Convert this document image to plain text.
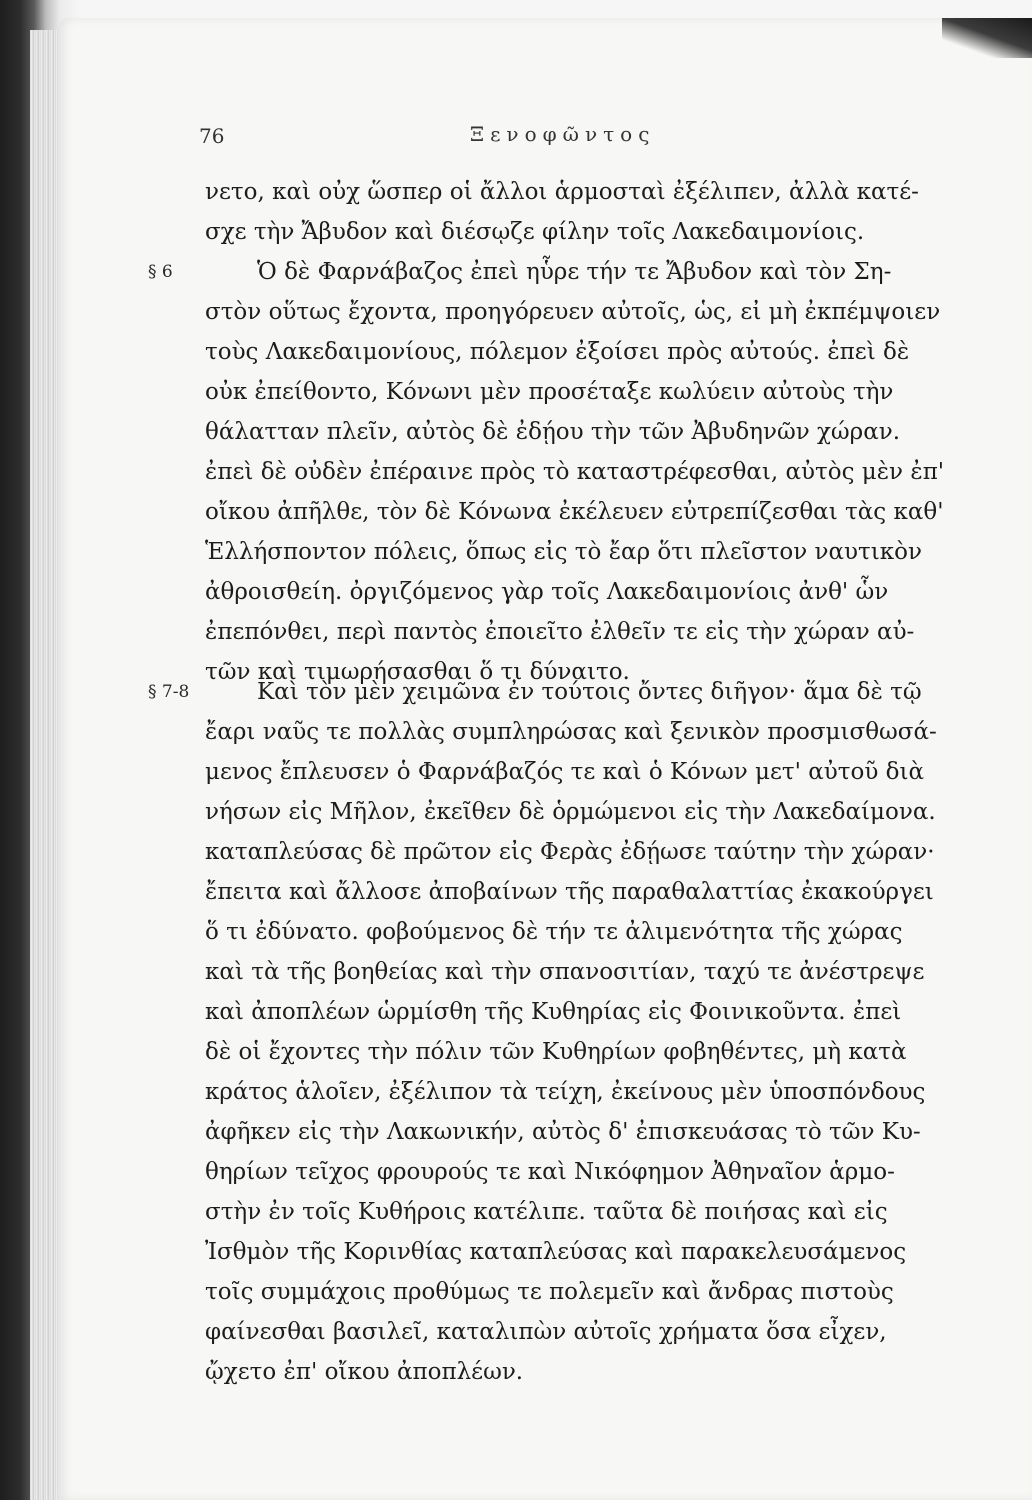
76	Ξενοφῶντος
§ 6
§ 7-8
νετο, καὶ οὐχ ὥσπερ οἱ ἄλλοι ἁρμοσταὶ ἐξέλιπεν, ἀλλὰ κατέ-
σχε τὴν Ἄβυδον καὶ διέσῳζε φίλην τοῖς Λακεδαιμονίοις.
Ὁ δὲ Φαρνάβαζος ἐπεὶ ηὗρε τήν τε Ἄβυδον καὶ τὸν Ση-
στὸν οὕτως ἔχοντα, προηγόρευεν αὐτοῖς, ὡς, εἰ μὴ ἐκπέμψοιεν
τοὺς Λακεδαιμονίους, πόλεμον ἐξοίσει πρὸς αὐτούς. ἐπεὶ δὲ
οὐκ ἐπείθοντο, Κόνωνι μὲν προσέταξε κωλύειν αὐτοὺς τὴν
θάλατταν πλεῖν, αὐτὸς δὲ ἐδῄου τὴν τῶν Ἀβυδηνῶν χώραν.
ἐπεὶ δὲ οὐδὲν ἐπέραινε πρὸς τὸ καταστρέφεσθαι, αὐτὸς μὲν ἐπ'
οἴκου ἀπῆλθε, τὸν δὲ Κόνωνα ἐκέλευεν εὐτρεπίζεσθαι τὰς καθ'
Ἑλλήσποντον πόλεις, ὅπως εἰς τὸ ἔαρ ὅτι πλεῖστον ναυτικὸν
ἀθροισθείη. ὀργιζόμενος γὰρ τοῖς Λακεδαιμονίοις ἀνθ' ὧν
ἐπεπόνθει, περὶ παντὸς ἐποιεῖτο ἐλθεῖν τε εἰς τὴν χώραν αὐ-
τῶν καὶ τιμωρήσασθαι ὅ τι δύναιτο.
Καὶ τὸν μὲν χειμῶνα ἐν τούτοις ὄντες διῆγον· ἅμα δὲ τῷ
ἔαρι ναῦς τε πολλὰς συμπληρώσας καὶ ξενικὸν προσμισθωσά-
μενος ἔπλευσεν ὁ Φαρνάβαζός τε καὶ ὁ Κόνων μετ' αὐτοῦ διὰ
νήσων εἰς Μῆλον, ἐκεῖθεν δὲ ὁρμώμενοι εἰς τὴν Λακεδαίμονα.
καταπλεύσας δὲ πρῶτον εἰς Φερὰς ἐδῄωσε ταύτην τὴν χώραν·
ἔπειτα καὶ ἄλλοσε ἀποβαίνων τῆς παραθαλαττίας ἐκακούργει
ὅ τι ἐδύνατο. φοβούμενος δὲ τήν τε ἀλιμενότητα τῆς χώρας
καὶ τὰ τῆς βοηθείας καὶ τὴν σπανοσιτίαν, ταχύ τε ἀνέστρεψε
καὶ ἀποπλέων ὡρμίσθη τῆς Κυθηρίας εἰς Φοινικοῦντα. ἐπεὶ
δὲ οἱ ἔχοντες τὴν πόλιν τῶν Κυθηρίων φοβηθέντες, μὴ κατὰ
κράτος ἁλοῖεν, ἐξέλιπον τὰ τείχη, ἐκείνους μὲν ὑποσπόνδους
ἀφῆκεν εἰς τὴν Λακωνικήν, αὐτὸς δ' ἐπισκευάσας τὸ τῶν Κυ-
θηρίων τεῖχος φρουρούς τε καὶ Νικόφημον Ἀθηναῖον ἁρμο-
στὴν ἐν τοῖς Κυθήροις κατέλιπε. ταῦτα δὲ ποιήσας καὶ εἰς
Ἰσθμὸν τῆς Κορινθίας καταπλεύσας καὶ παρακελευσάμενος
τοῖς συμμάχοις προθύμως τε πολεμεῖν καὶ ἄνδρας πιστοὺς
φαίνεσθαι βασιλεῖ, καταλιπὼν αὐτοῖς χρήματα ὅσα εἶχεν,
ᾤχετο ἐπ' οἴκου ἀποπλέων.
